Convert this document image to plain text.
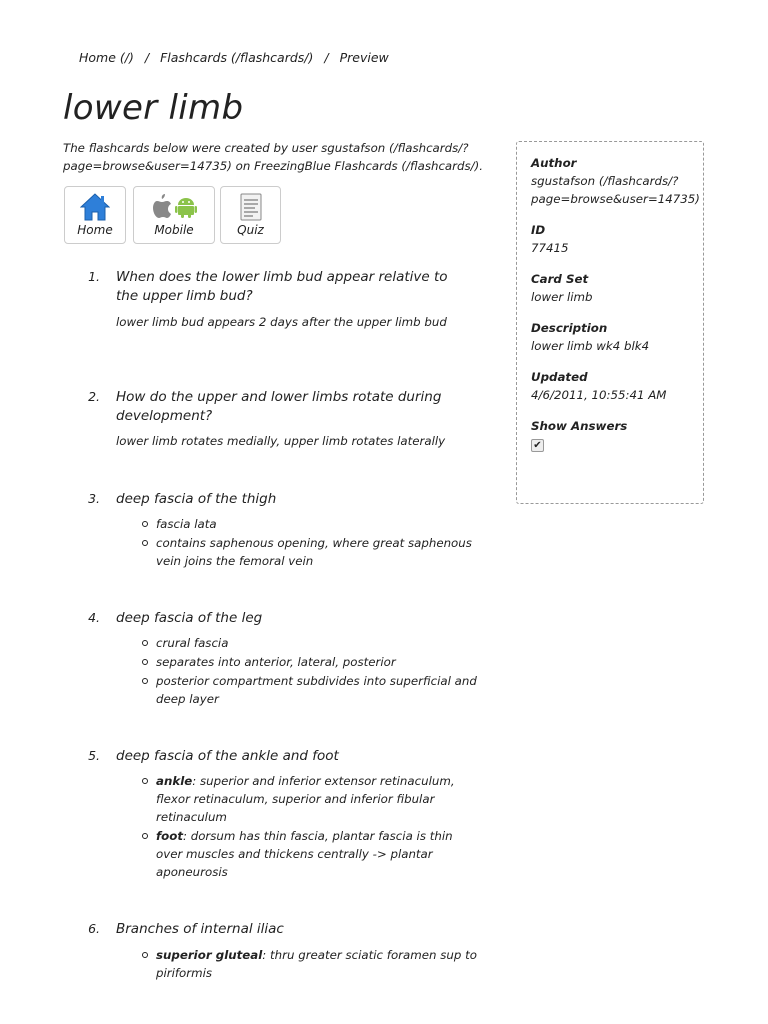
Home (/) / Flashcards (/flashcards/) / Preview
lower limb

The flashcards below were created by user sgustafson (/flashcards/?page=browse&user=14735) on FreezingBlue Flashcards (/flashcards/).

Home	Mobile	Quiz
Author
sgustafson (/flashcards/? page=browse&user=14735)
ID
77415
Card Set
lower limb
Description
lower limb wk4 blk4
Updated
4/6/2011, 10:55:41 AM
Show Answers
✔
1. When does the lower limb bud appear relative to the upper limb bud?
lower limb bud appears 2 days after the upper limb bud
2. How do the upper and lower limbs rotate during development?
lower limb rotates medially, upper limb rotates laterally
3. deep fascia of the thigh
fascia lata
contains saphenous opening, where great saphenous vein joins the femoral vein
4. deep fascia of the leg
crural fascia
separates into anterior, lateral, posterior
posterior compartment subdivides into superficial and deep layer
5. deep fascia of the ankle and foot
ankle: superior and inferior extensor retinaculum, flexor retinaculum, superior and inferior fibular retinaculum
foot: dorsum has thin fascia, plantar fascia is thin over muscles and thickens centrally -> plantar aponeurosis
6. Branches of internal iliac
superior gluteal: thru greater sciatic foramen sup to piriformis
